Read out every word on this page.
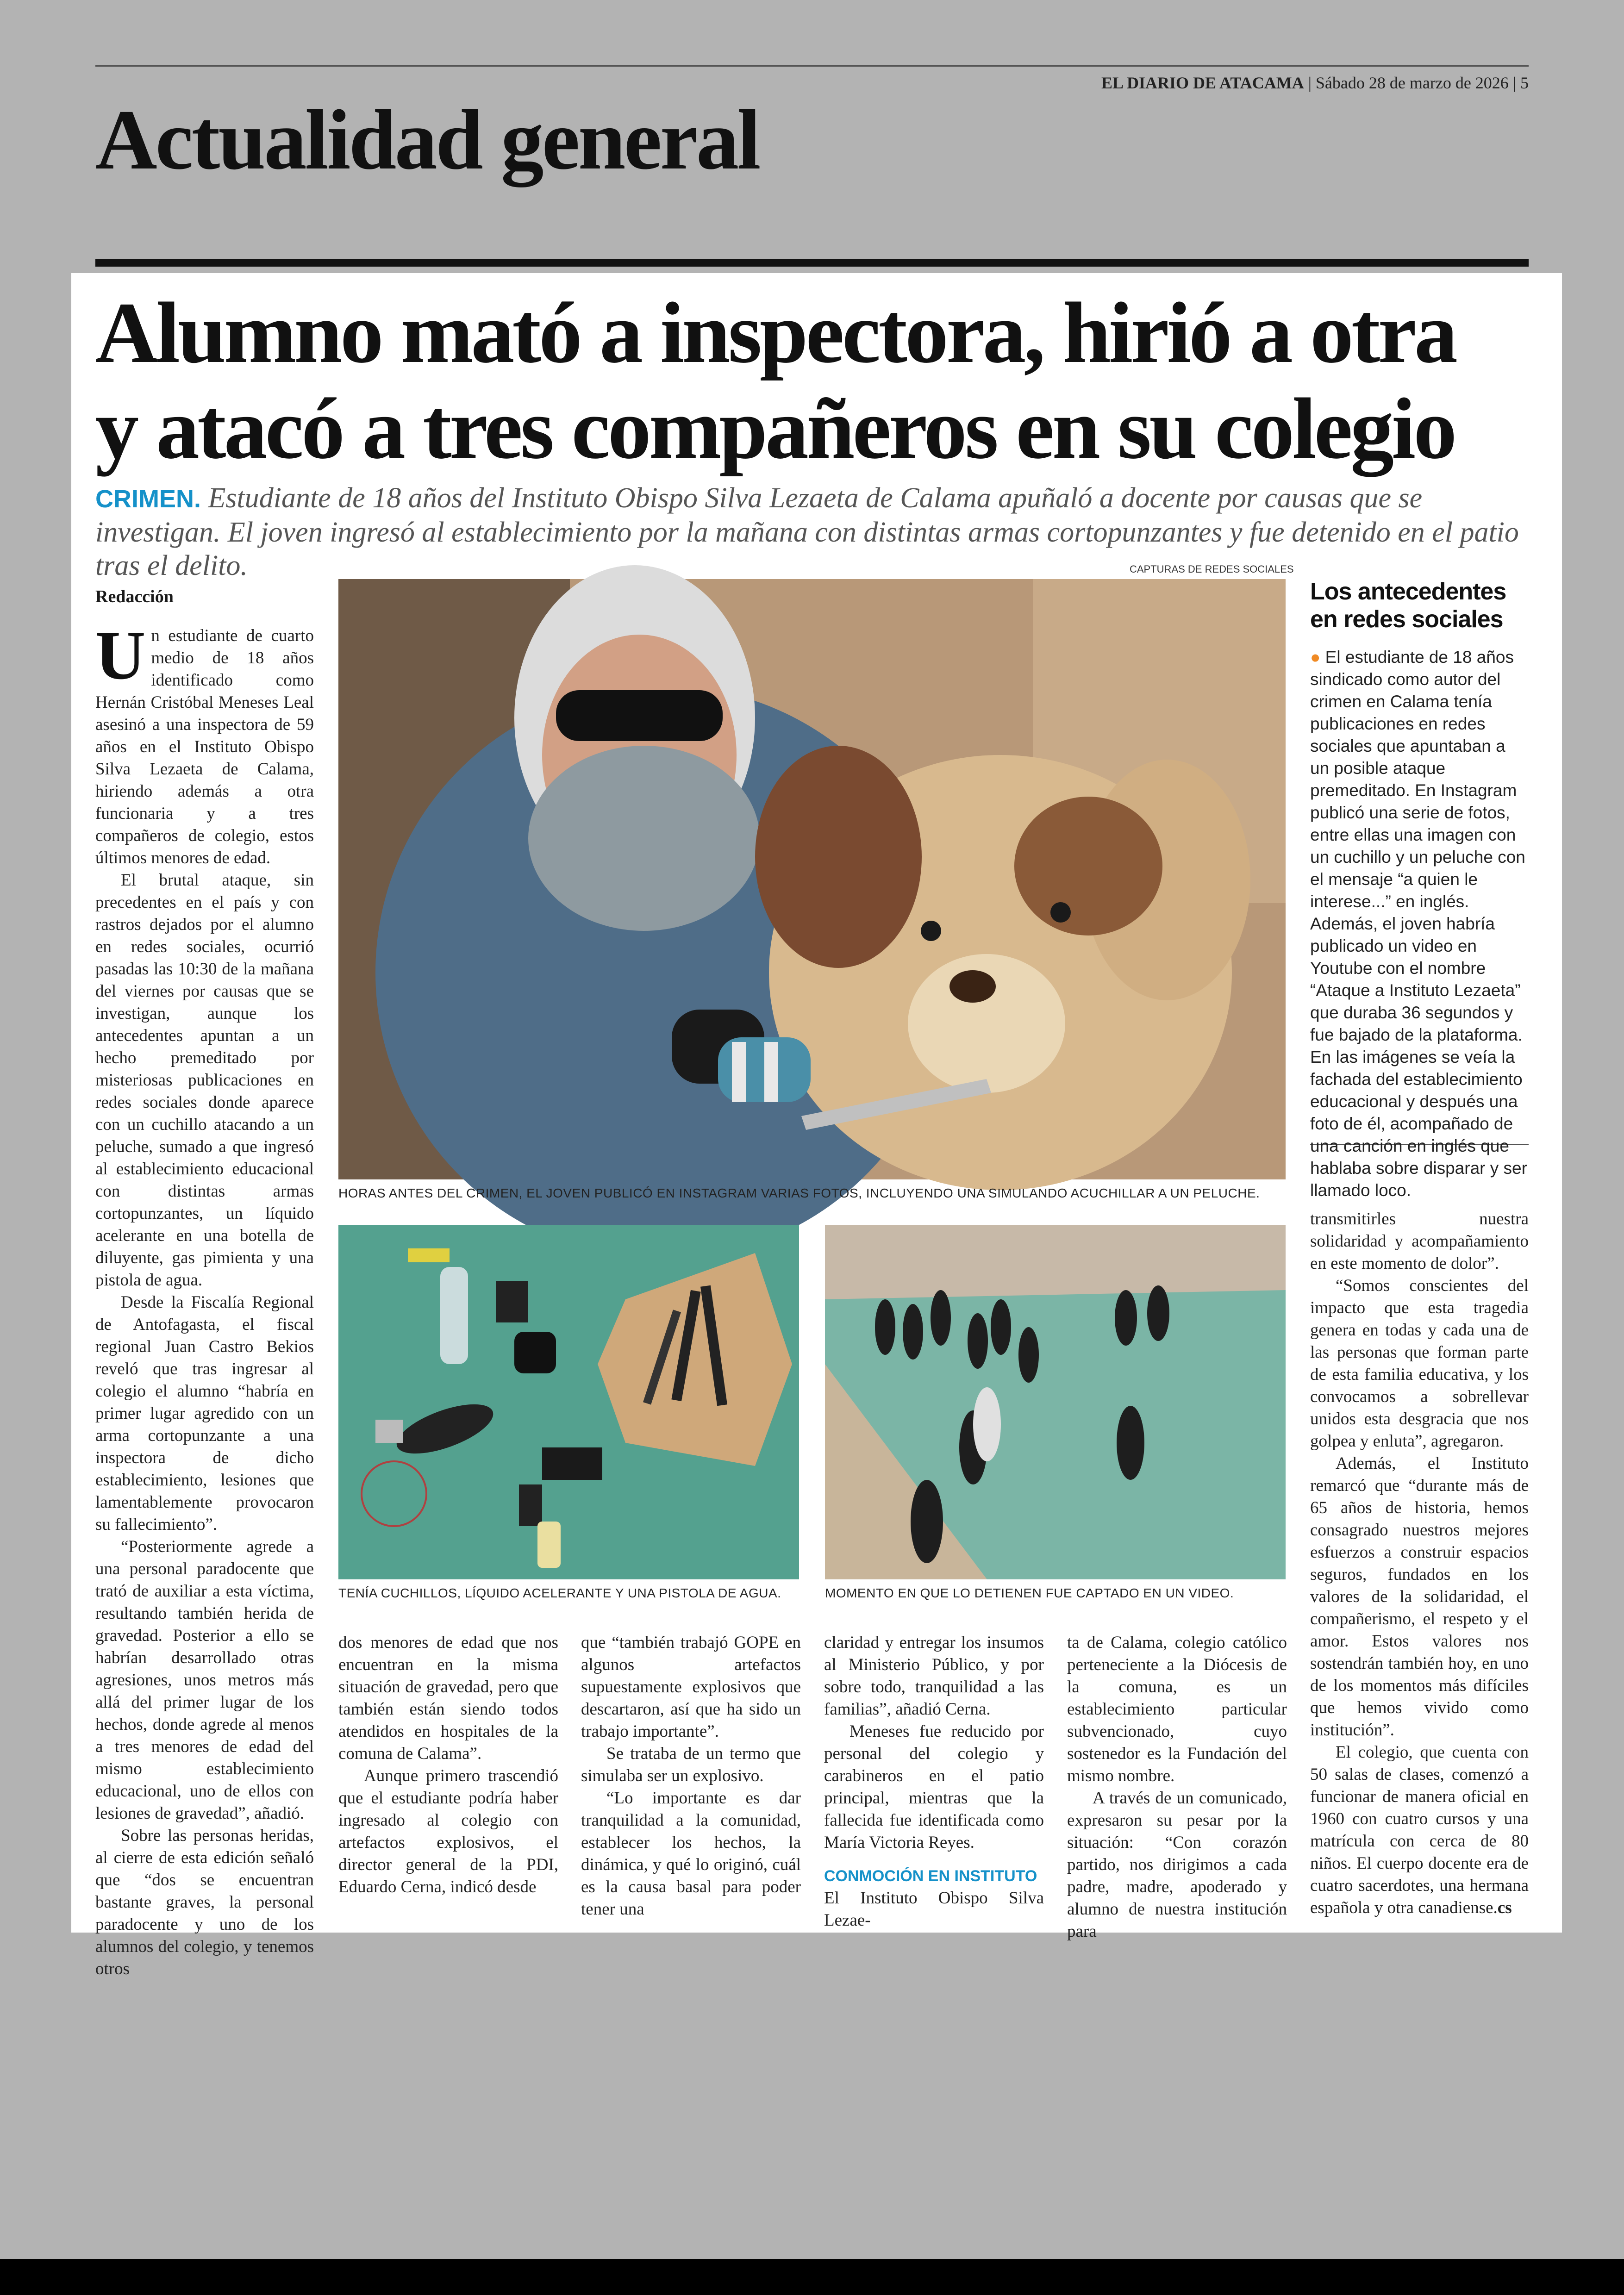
EL DIARIO DE ATACAMA | Sábado 28 de marzo de 2026 | 5
Actualidad general
Alumno mató a inspectora, hirió a otra
y atacó a tres compañeros en su colegio
CRIMEN. Estudiante de 18 años del Instituto Obispo Silva Lezaeta de Calama apuñaló a docente por causas que se investigan. El joven ingresó al establecimiento por la mañana con distintas armas cortopunzantes y fue detenido en el patio tras el delito.	CAPTURAS DE REDES SOCIALES
Redacción

Un estudiante de cuarto medio de 18 años identificado como Hernán Cristóbal Meneses Leal asesinó a una inspectora de 59 años en el Instituto Obispo Silva Lezaeta de Calama, hiriendo además a otra funcionaria y a tres compañeros de colegio, estos últimos menores de edad.

El brutal ataque, sin precedentes en el país y con rastros dejados por el alumno en redes sociales, ocurrió pasadas las 10:30 de la mañana del viernes por causas que se investigan, aunque los antecedentes apuntan a un hecho premeditado por misteriosas publicaciones en redes sociales donde aparece con un cuchillo atacando a un peluche, sumado a que ingresó al establecimiento educacional con distintas armas cortopunzantes, un líquido acelerante en una botella de diluyente, gas pimienta y una pistola de agua.

Desde la Fiscalía Regional de Antofagasta, el fiscal regional Juan Castro Bekios reveló que tras ingresar al colegio el alumno “habría en primer lugar agredido con un arma cortopunzante a una inspectora de dicho establecimiento, lesiones que lamentablemente provocaron su fallecimiento”.

“Posteriormente agrede a una personal paradocente que trató de auxiliar a esta víctima, resultando también herida de gravedad. Posterior a ello se habrían desarrollado otras agresiones, unos metros más allá del primer lugar de los hechos, donde agrede al menos a tres menores de edad del mismo establecimiento educacional, uno de ellos con lesiones de gravedad”, añadió.

Sobre las personas heridas, al cierre de esta edición señaló que “dos se encuentran bastante graves, la personal paradocente y uno de los alumnos del colegio, y tenemos otros

HORAS ANTES DEL CRIMEN, EL JOVEN PUBLICÓ EN INSTAGRAM VARIAS FOTOS, INCLUYENDO UNA SIMULANDO ACUCHILLAR A UN PELUCHE.
TENÍA CUCHILLOS, LÍQUIDO ACELERANTE Y UNA PISTOLA DE AGUA.	MOMENTO EN QUE LO DETIENEN FUE CAPTADO EN UN VIDEO.

dos menores de edad que nos encuentran en la misma situación de gravedad, pero que también están siendo todos atendidos en hospitales de la comuna de Calama”.

Aunque primero trascendió que el estudiante podría haber ingresado al colegio con artefactos explosivos, el director general de la PDI, Eduardo Cerna, indicó desde

que “también trabajó GOPE en algunos artefactos supuestamente explosivos que descartaron, así que ha sido un trabajo importante”.

Se trataba de un termo que simulaba ser un explosivo.

“Lo importante es dar tranquilidad a la comunidad, establecer los hechos, la dinámica, y qué lo originó, cuál es la causa basal para poder tener una

claridad y entregar los insumos al Ministerio Público, y por sobre todo, tranquilidad a las familias”, añadió Cerna.

Meneses fue reducido por personal del colegio y carabineros en el patio principal, mientras que la fallecida fue identificada como María Victoria Reyes.

CONMOCIÓN EN INSTITUTO

El Instituto Obispo Silva Lezae-

ta de Calama, colegio católico perteneciente a la Diócesis de la comuna, es un establecimiento particular subvencionado, cuyo sostenedor es la Fundación del mismo nombre.

A través de un comunicado, expresaron su pesar por la situación: “Con corazón partido, nos dirigimos a cada padre, madre, apoderado y alumno de nuestra institución para

Los antecedentes
en redes sociales
● El estudiante de 18 años sindicado como autor del crimen en Calama tenía publicaciones en redes sociales que apuntaban a un posible ataque premeditado. En Instagram publicó una serie de fotos, entre ellas una imagen con un cuchillo y un peluche con el mensaje “a quien le interese...” en inglés. Además, el joven habría publicado un video en Youtube con el nombre “Ataque a Instituto Lezaeta” que duraba 36 segundos y fue bajado de la plataforma. En las imágenes se veía la fachada del establecimiento educacional y después una foto de él, acompañado de una canción en inglés que hablaba sobre disparar y ser llamado loco.

transmitirles nuestra solidaridad y acompañamiento en este momento de dolor”.

“Somos conscientes del impacto que esta tragedia genera en todas y cada una de las personas que forman parte de esta familia educativa, y los convocamos a sobrellevar unidos esta desgracia que nos golpea y enluta”, agregaron.

Además, el Instituto remarcó que “durante más de 65 años de historia, hemos consagrado nuestros mejores esfuerzos a construir espacios seguros, fundados en los valores de la solidaridad, el compañerismo, el respeto y el amor. Estos valores nos sostendrán también hoy, en uno de los momentos más difíciles que hemos vivido como institución”.

El colegio, que cuenta con 50 salas de clases, comenzó a funcionar de manera oficial en 1960 con cuatro cursos y una matrícula con cerca de 80 niños. El cuerpo docente era de cuatro sacerdotes, una hermana española y otra canadiense.cs
